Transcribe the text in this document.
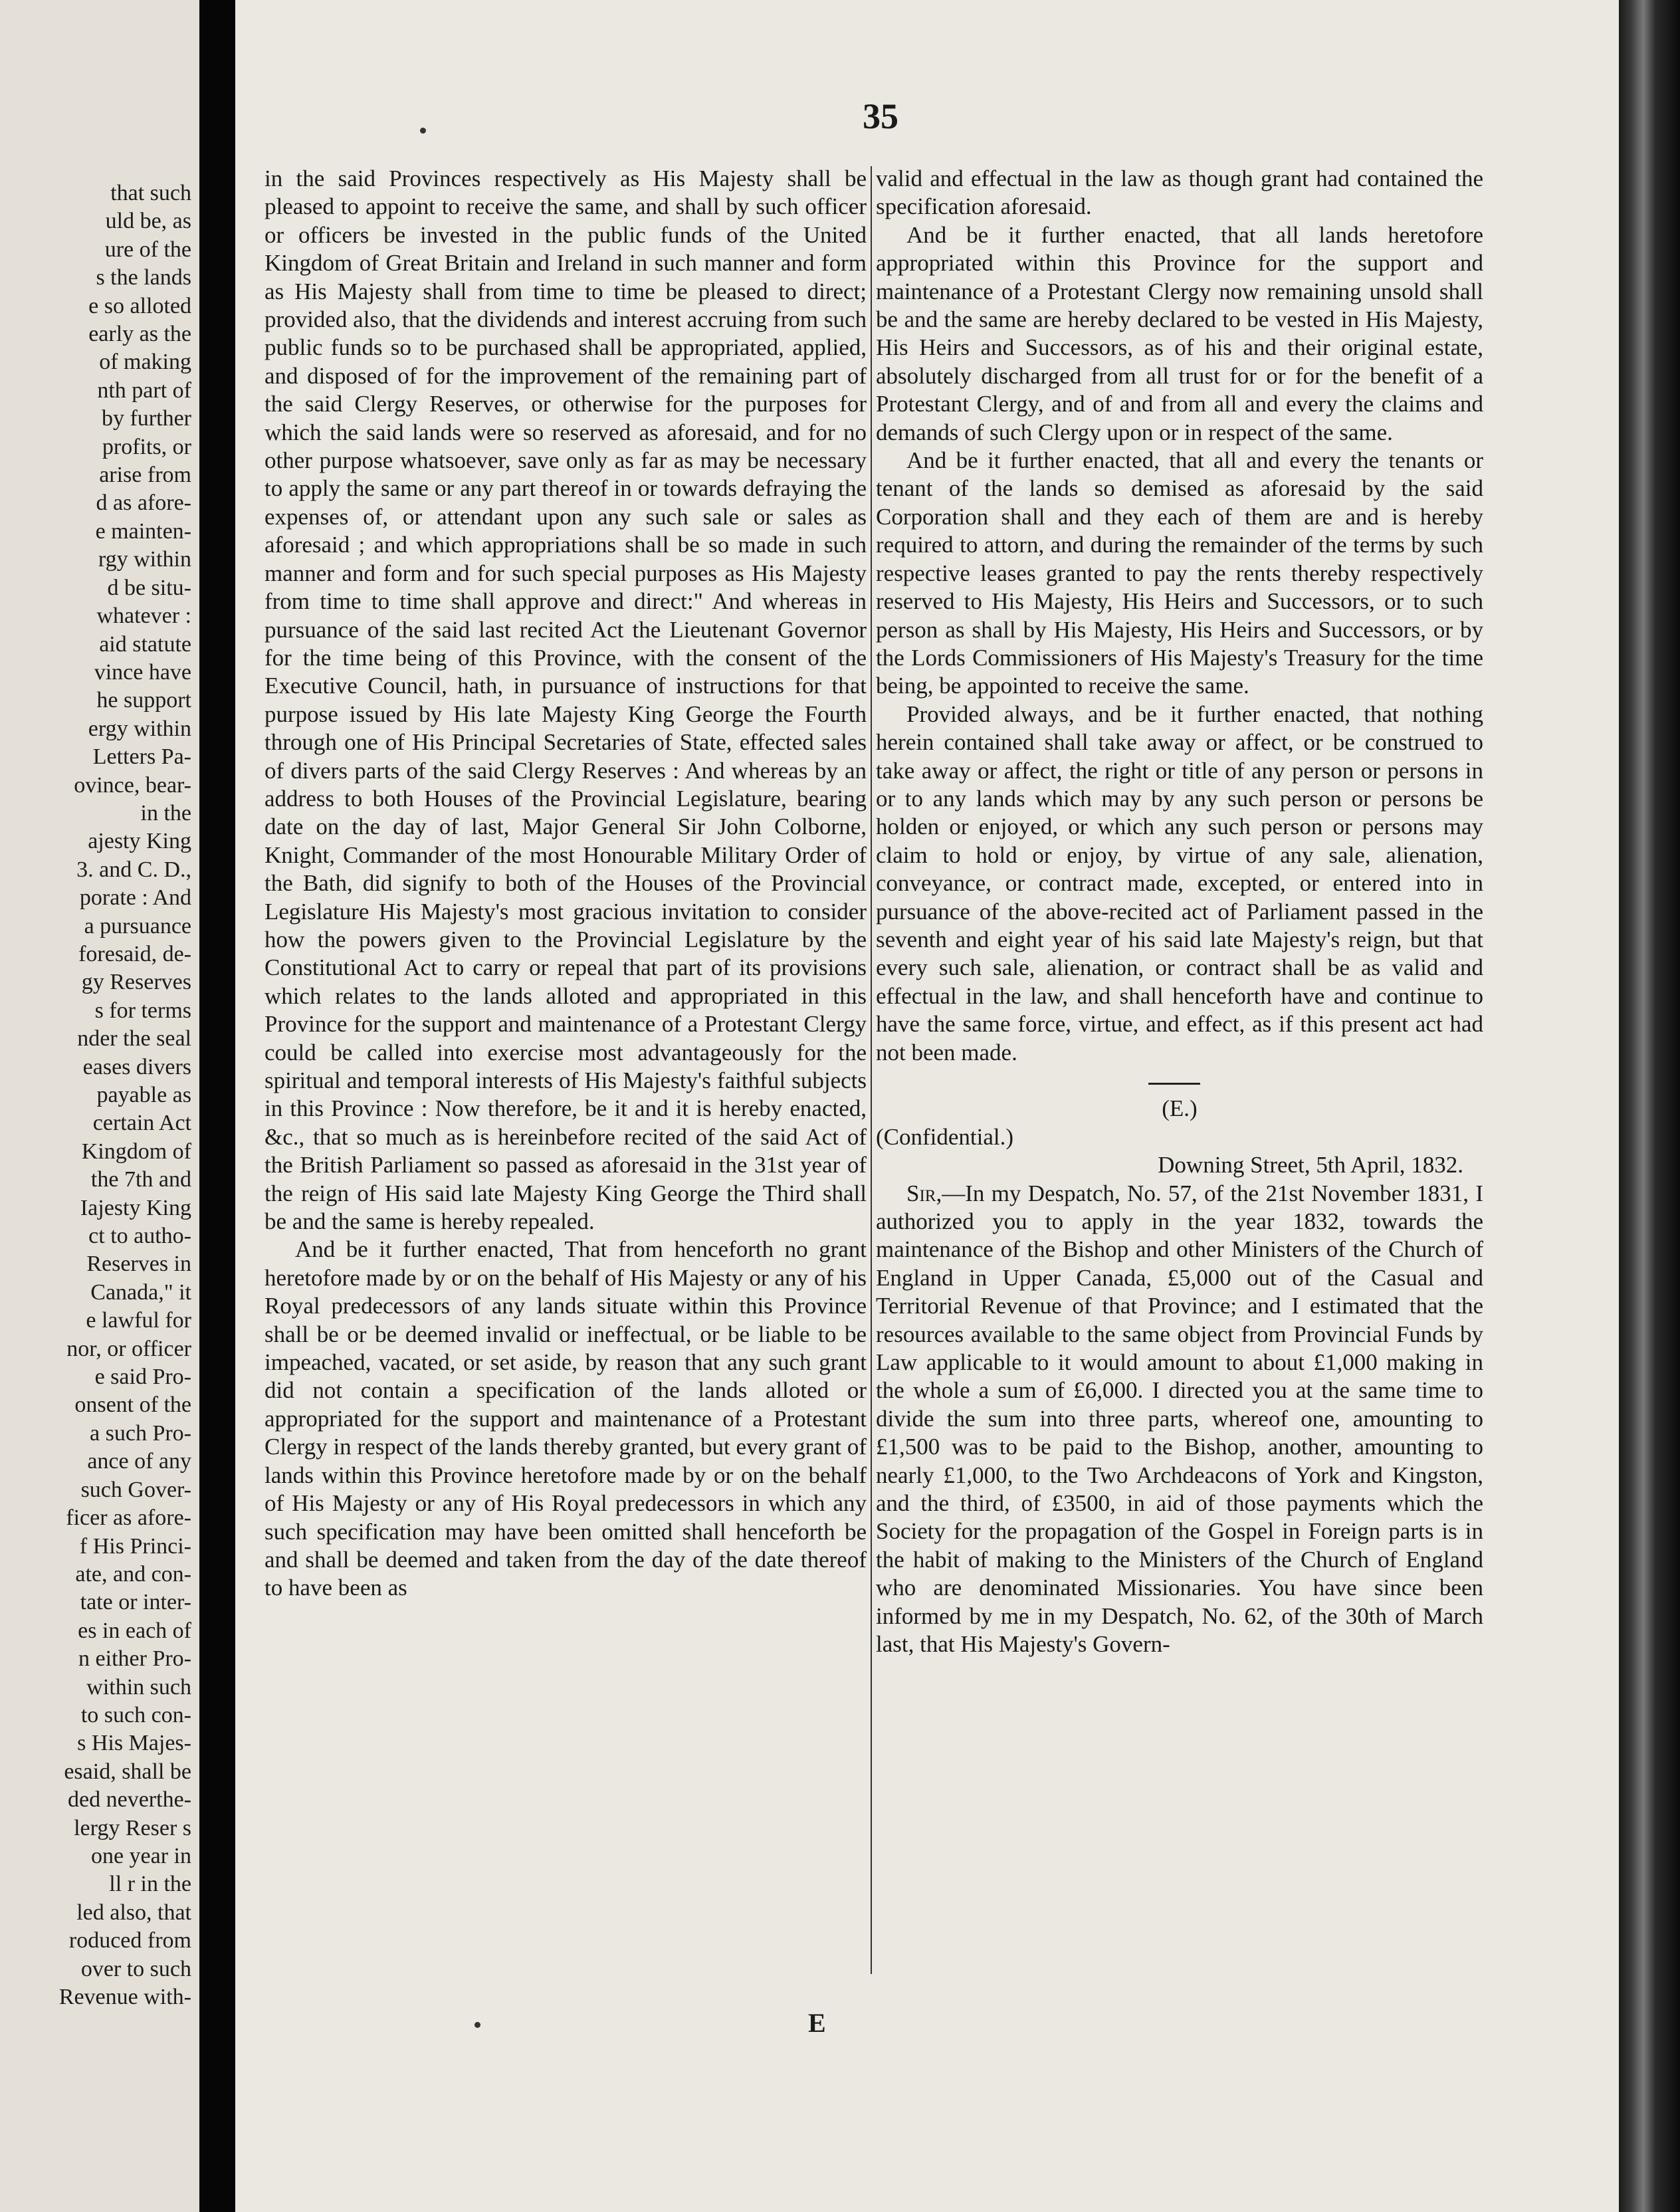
that such
uld be, as
ure of the
s the lands
e so alloted
early as the
of making
nth part of
by further
profits, or
arise from
d as afore-
e mainten-
rgy within
d be situ-
whatever :
aid statute
vince have
he support
ergy within
Letters Pa-
ovince, bear-
in the
ajesty King
3. and C. D.,
porate : And
a pursuance
foresaid, de-
gy Reserves
s for terms
nder the seal
eases divers
payable as
certain Act
Kingdom of
the 7th and
Iajesty King
ct to autho-
Reserves in
Canada," it
e lawful for
nor, or officer
e said Pro-
onsent of the
a such Pro-
ance of any
such Gover-
ficer as afore-
f His Princi-
ate, and con-
tate or inter-
es in each of
n either Pro-
within such
to such con-
s His Majes-
esaid, shall be
ded neverthe-
lergy Reser s
one year in
ll r in the
led also, that
roduced from
over to such
Revenue with-
35

in the said Provinces respectively as His Majesty shall be pleased to appoint to receive the same, and shall by such officer or officers be invested in the public funds of the United Kingdom of Great Britain and Ireland in such manner and form as His Majesty shall from time to time be pleased to direct; provided also, that the dividends and interest accruing from such public funds so to be purchased shall be appropriated, applied, and disposed of for the improvement of the remaining part of the said Clergy Reserves, or otherwise for the purposes for which the said lands were so reserved as aforesaid, and for no other purpose whatsoever, save only as far as may be necessary to apply the same or any part thereof in or towards defraying the expenses of, or attendant upon any such sale or sales as aforesaid ; and which appropriations shall be so made in such manner and form and for such special purposes as His Majesty from time to time shall approve and direct:" And whereas in pursuance of the said last recited Act the Lieutenant Governor for the time being of this Province, with the consent of the Executive Council, hath, in pursuance of instructions for that purpose issued by His late Majesty King George the Fourth through one of His Principal Secretaries of State, effected sales of divers parts of the said Clergy Reserves : And whereas by an address to both Houses of the Provincial Legislature, bearing date on the day of last, Major General Sir John Colborne, Knight, Commander of the most Honourable Military Order of the Bath, did signify to both of the Houses of the Provincial Legislature His Majesty's most gracious invitation to consider how the powers given to the Provincial Legislature by the Constitutional Act to carry or repeal that part of its provisions which relates to the lands alloted and appropriated in this Province for the support and maintenance of a Protestant Clergy could be called into exercise most advantageously for the spiritual and temporal interests of His Majesty's faithful subjects in this Province : Now therefore, be it and it is hereby enacted, &c., that so much as is hereinbefore recited of the said Act of the British Parliament so passed as aforesaid in the 31st year of the reign of His said late Majesty King George the Third shall be and the same is hereby repealed.

And be it further enacted, That from henceforth no grant heretofore made by or on the behalf of His Majesty or any of his Royal predecessors of any lands situate within this Province shall be or be deemed invalid or ineffectual, or be liable to be impeached, vacated, or set aside, by reason that any such grant did not contain a specification of the lands alloted or appropriated for the support and maintenance of a Protestant Clergy in respect of the lands thereby granted, but every grant of lands within this Province heretofore made by or on the behalf of His Majesty or any of His Royal predecessors in which any such specification may have been omitted shall henceforth be and shall be deemed and taken from the day of the date thereof to have been as

valid and effectual in the law as though grant had contained the specification aforesaid.

And be it further enacted, that all lands heretofore appropriated within this Province for the support and maintenance of a Protestant Clergy now remaining unsold shall be and the same are hereby declared to be vested in His Majesty, His Heirs and Successors, as of his and their original estate, absolutely discharged from all trust for or for the benefit of a Protestant Clergy, and of and from all and every the claims and demands of such Clergy upon or in respect of the same.

And be it further enacted, that all and every the tenants or tenant of the lands so demised as aforesaid by the said Corporation shall and they each of them are and is hereby required to attorn, and during the remainder of the terms by such respective leases granted to pay the rents thereby respectively reserved to His Majesty, His Heirs and Successors, or to such person as shall by His Majesty, His Heirs and Successors, or by the Lords Commissioners of His Majesty's Treasury for the time being, be appointed to receive the same.

Provided always, and be it further enacted, that nothing herein contained shall take away or affect, or be construed to take away or affect, the right or title of any person or persons in or to any lands which may by any such person or persons be holden or enjoyed, or which any such person or persons may claim to hold or enjoy, by virtue of any sale, alienation, conveyance, or contract made, excepted, or entered into in pursuance of the above-recited act of Parliament passed in the seventh and eight year of his said late Majesty's reign, but that every such sale, alienation, or contract shall be as valid and effectual in the law, and shall henceforth have and continue to have the same force, virtue, and effect, as if this present act had not been made.

(E.)

(Confidential.)

Downing Street, 5th April, 1832.

Sir,—In my Despatch, No. 57, of the 21st November 1831, I authorized you to apply in the year 1832, towards the maintenance of the Bishop and other Ministers of the Church of England in Upper Canada, £5,000 out of the Casual and Territorial Revenue of that Province; and I estimated that the resources available to the same object from Provincial Funds by Law applicable to it would amount to about £1,000 making in the whole a sum of £6,000. I directed you at the same time to divide the sum into three parts, whereof one, amounting to £1,500 was to be paid to the Bishop, another, amounting to nearly £1,000, to the Two Archdeacons of York and Kingston, and the third, of £3500, in aid of those payments which the Society for the propagation of the Gospel in Foreign parts is in the habit of making to the Ministers of the Church of England who are denominated Missionaries. You have since been informed by me in my Despatch, No. 62, of the 30th of March last, that His Majesty's Govern-

E
